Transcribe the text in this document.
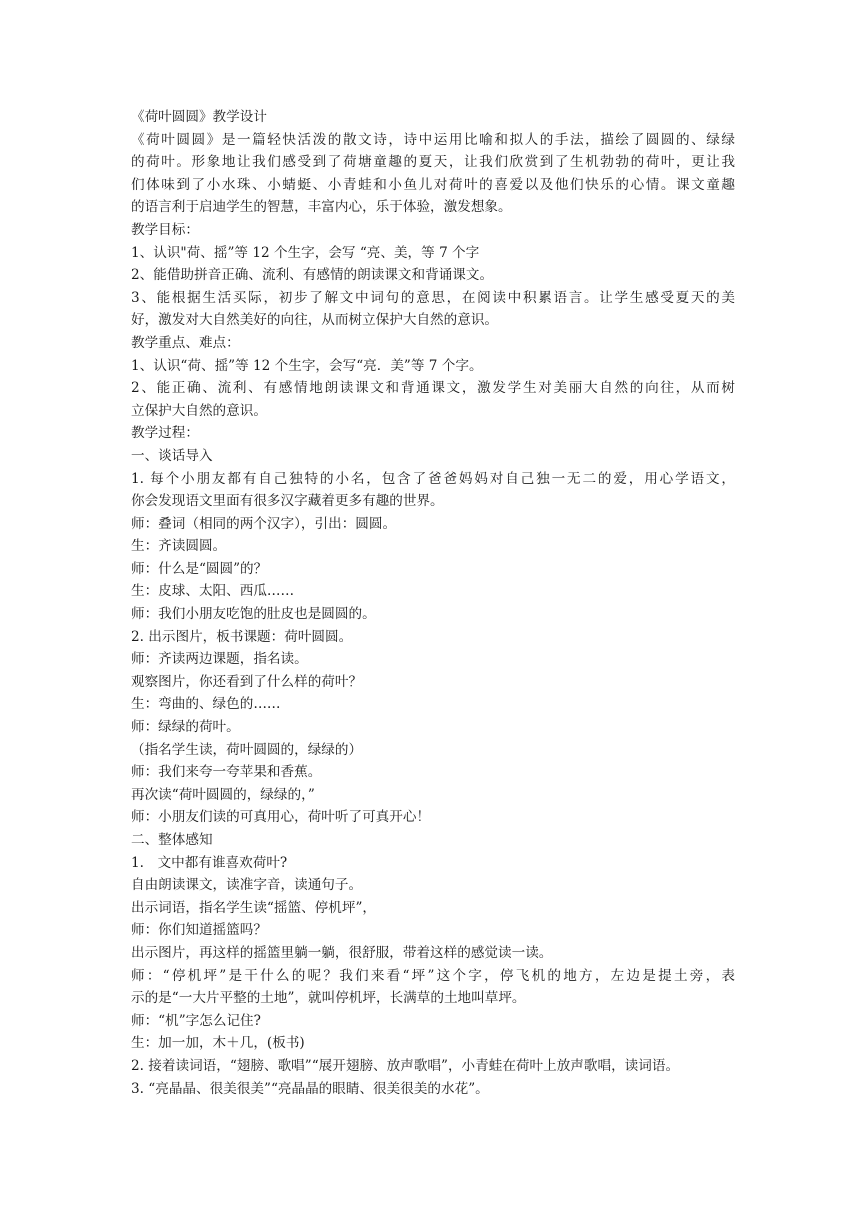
《荷叶圆圆》教学设计

《荷叶圆圆》是一篇轻快活泼的散文诗，诗中运用比喻和拟人的手法，描绘了圆圆的、绿绿

的荷叶。形象地让我们感受到了荷塘童趣的夏天，让我们欣赏到了生机勃勃的荷叶，更让我

们体味到了小水珠、小蜻蜓、小青蛙和小鱼儿对荷叶的喜爱以及他们快乐的心情。课文童趣

的语言利于启迪学生的智慧，丰富内心，乐于体验，激发想象。

教学目标：

1、认识"荷、摇”等 12 个生字，会写 “亮、美，等 7 个字

2、能借助拼音正确、流利、有感情的朗读课文和背诵课文。

3、能根据生活买际，初步了解文中词句的意思，在阅读中积累语言。让学生感受夏天的美

好，激发对大自然美好的向往，从而树立保护大自然的意识。

教学重点、难点：

1、认识“荷、摇”等 12 个生字，会写“亮．美”等 7 个字。

2、能正确、流利、有感情地朗读课文和背通课文，激发学生对美丽大自然的向往，从而树

立保护大自然的意识。

教学过程：

一、谈话导入

1. 每个小朋友都有自己独特的小名，包含了爸爸妈妈对自己独一无二的爱，用心学语文，

你会发现语文里面有很多汉字藏着更多有趣的世界。

师：叠词（相同的两个汉字），引出：圆圆。

生：齐读圆圆。

师：什么是“圆圆”的？

生：皮球、太阳、西瓜……

师：我们小朋友吃饱的肚皮也是圆圆的。

2. 出示图片，板书课题：荷叶圆圆。

师：齐读两边课题，指名读。

观察图片，你还看到了什么样的荷叶？

生：弯曲的、绿色的……

师：绿绿的荷叶。

（指名学生读，荷叶圆圆的，绿绿的）

师：我们来夸一夸苹果和香蕉。

再次读“荷叶圆圆的，绿绿的，”

师：小朋友们读的可真用心，荷叶听了可真开心！

二、整体感知

1.　文中都有谁喜欢荷叶?

自由朗读课文，读准字音，读通句子。

出示词语，指名学生读“摇篮、停机坪”，

师：你们知道摇篮吗？

出示图片，再这样的摇篮里躺一躺，很舒服，带着这样的感觉读一读。

师：“停机坪”是干什么的呢？我们来看“坪”这个字，停飞机的地方，左边是提土旁，表

示的是“一大片平整的土地”，就叫停机坪，长满草的土地叫草坪。

师：“机”字怎么记住?

生：加一加，木＋几，(板书)

2. 接着读词语，“翅膀、歌唱”“展开翅膀、放声歌唱”，小青蛙在荷叶上放声歌唱，读词语。

3. “亮晶晶、很美很美”“亮晶晶的眼睛、很美很美的水花”。
